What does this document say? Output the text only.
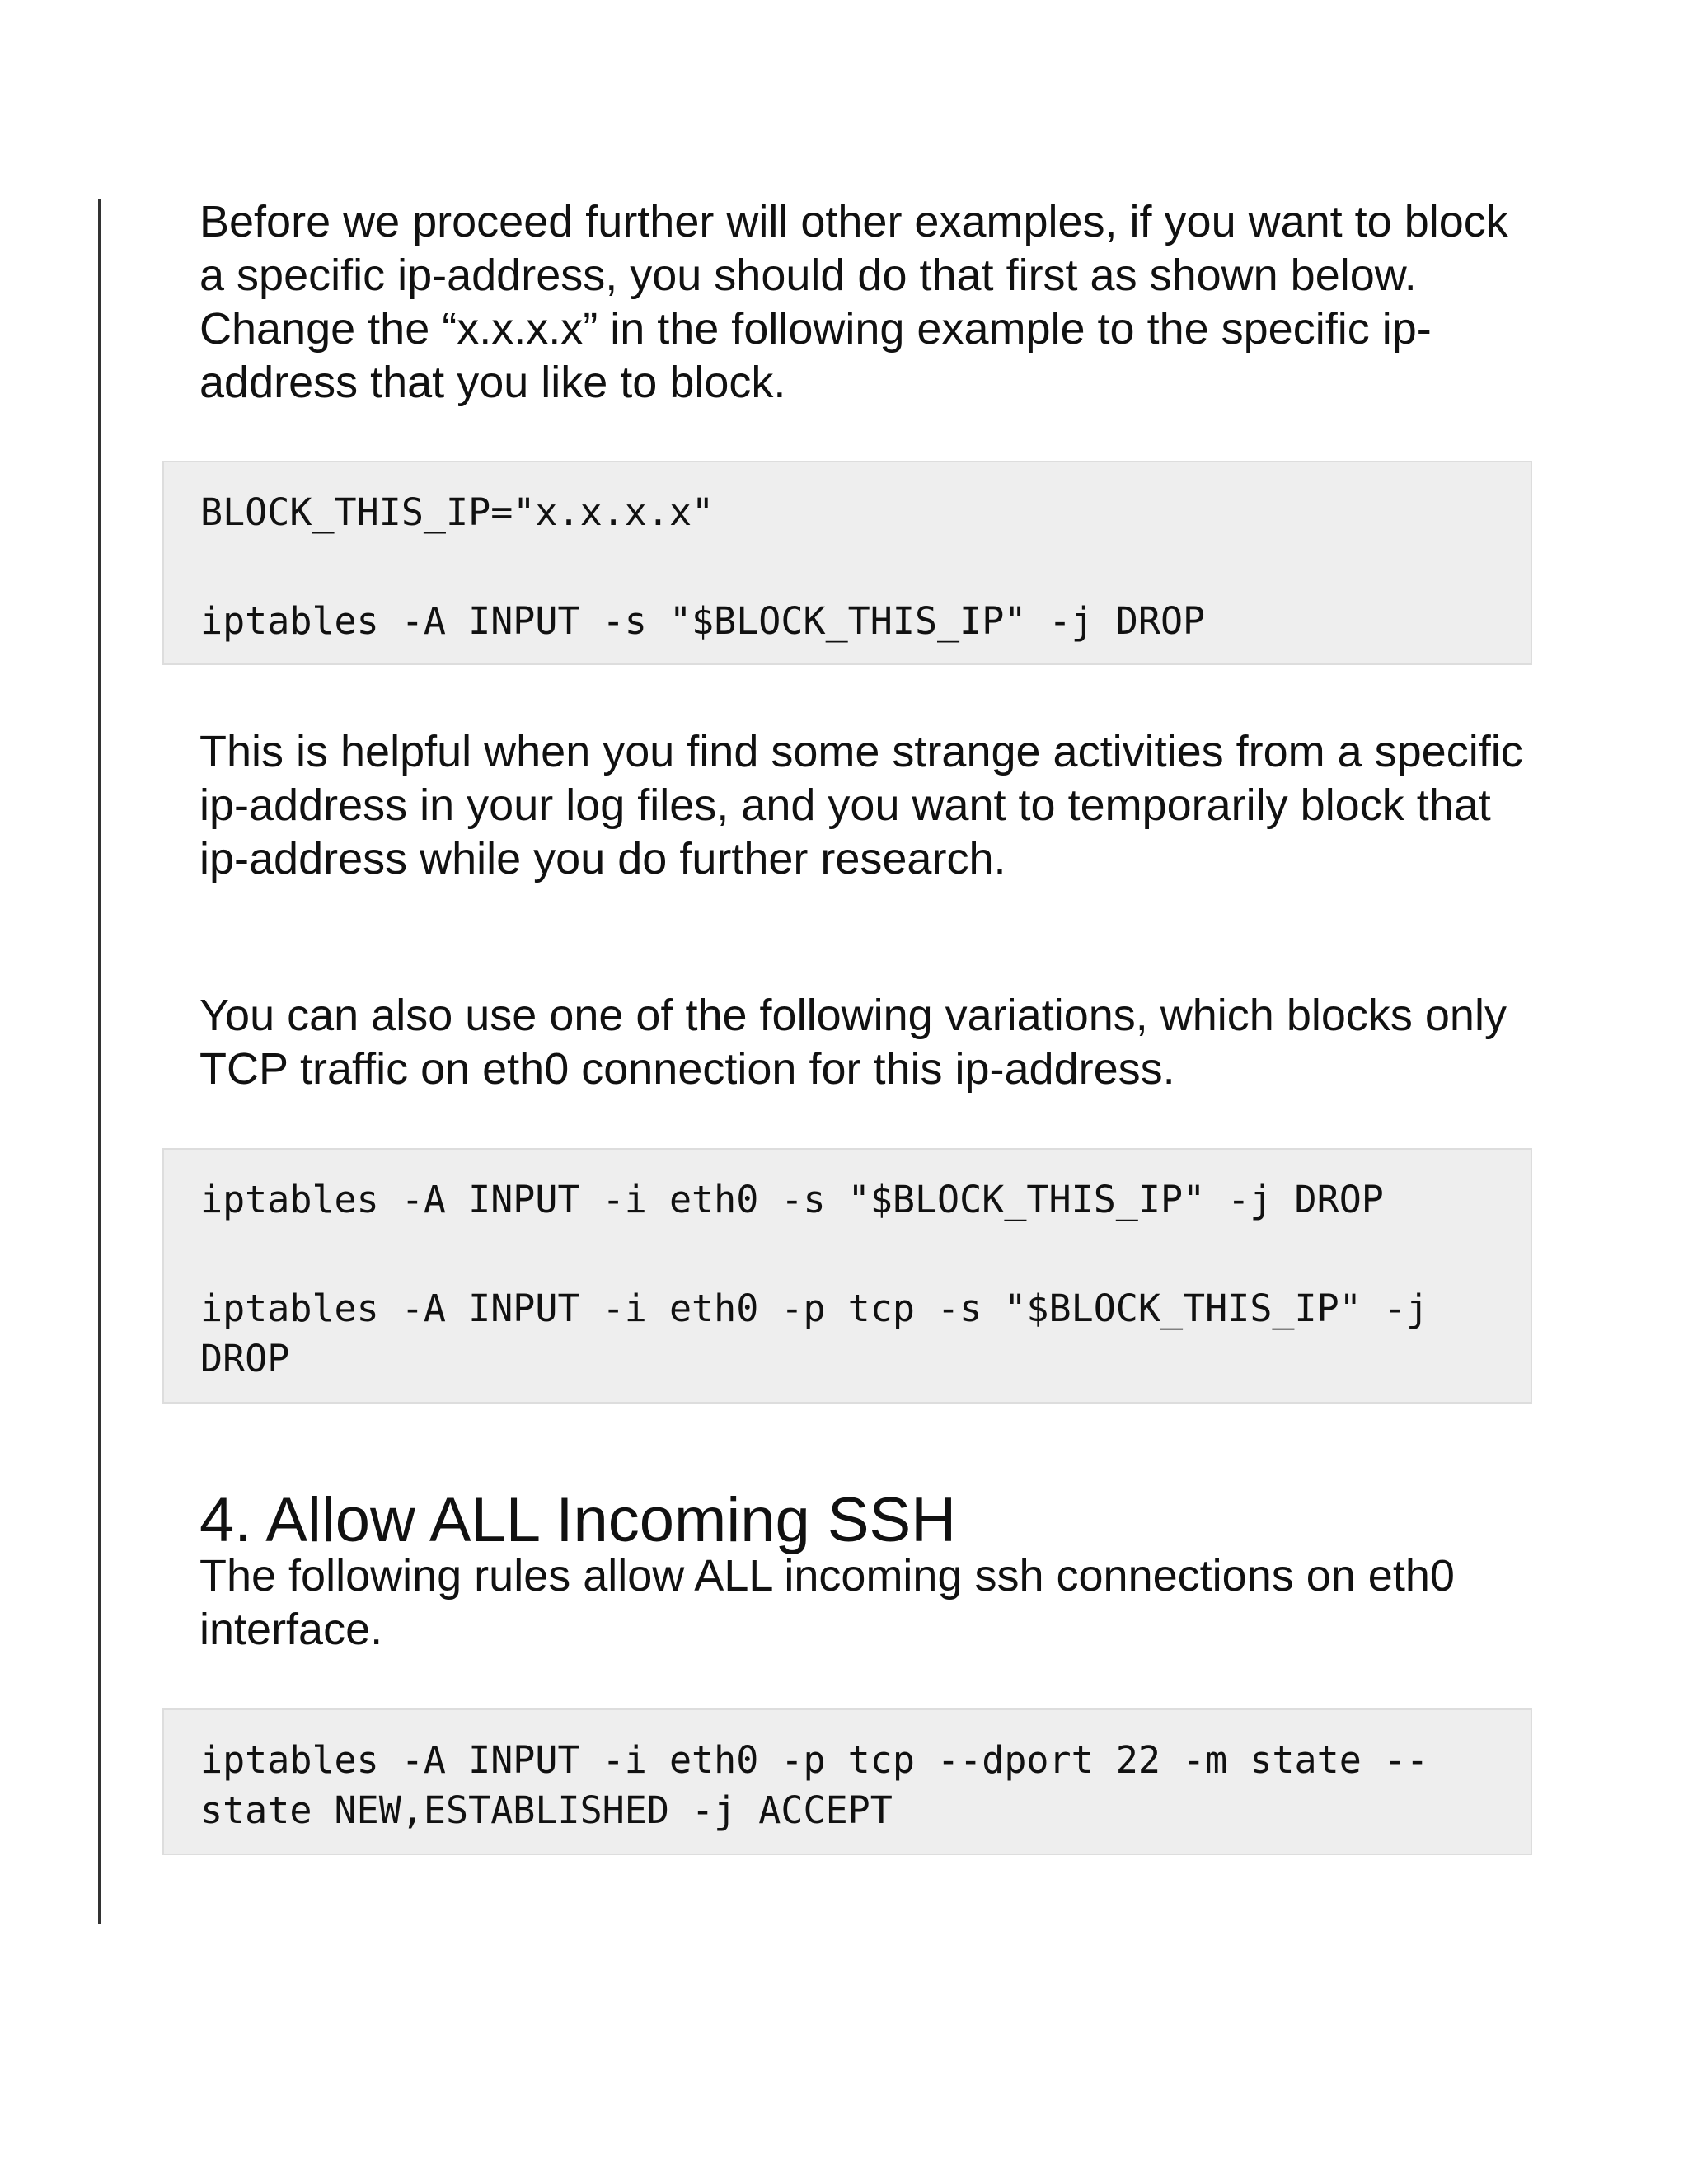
Before we proceed further will other examples, if you want to block a specific ip-address, you should do that first as shown below. Change the “x.x.x.x” in the following example to the specific ip-address that you like to block.

BLOCK_THIS_IP="x.x.x.x"
iptables -A INPUT -s "$BLOCK_THIS_IP" -j DROP

This is helpful when you find some strange activities from a specific ip-address in your log files, and you want to temporarily block that ip-address while you do further research.

You can also use one of the following variations, which blocks only TCP traffic on eth0 connection for this ip-address.

iptables -A INPUT -i eth0 -s "$BLOCK_THIS_IP" -j DROP
iptables -A INPUT -i eth0 -p tcp -s "$BLOCK_THIS_IP" -j
DROP
4. Allow ALL Incoming SSH

The following rules allow ALL incoming ssh connections on eth0 interface.

iptables -A INPUT -i eth0 -p tcp --dport 22 -m state --
state NEW,ESTABLISHED -j ACCEPT
